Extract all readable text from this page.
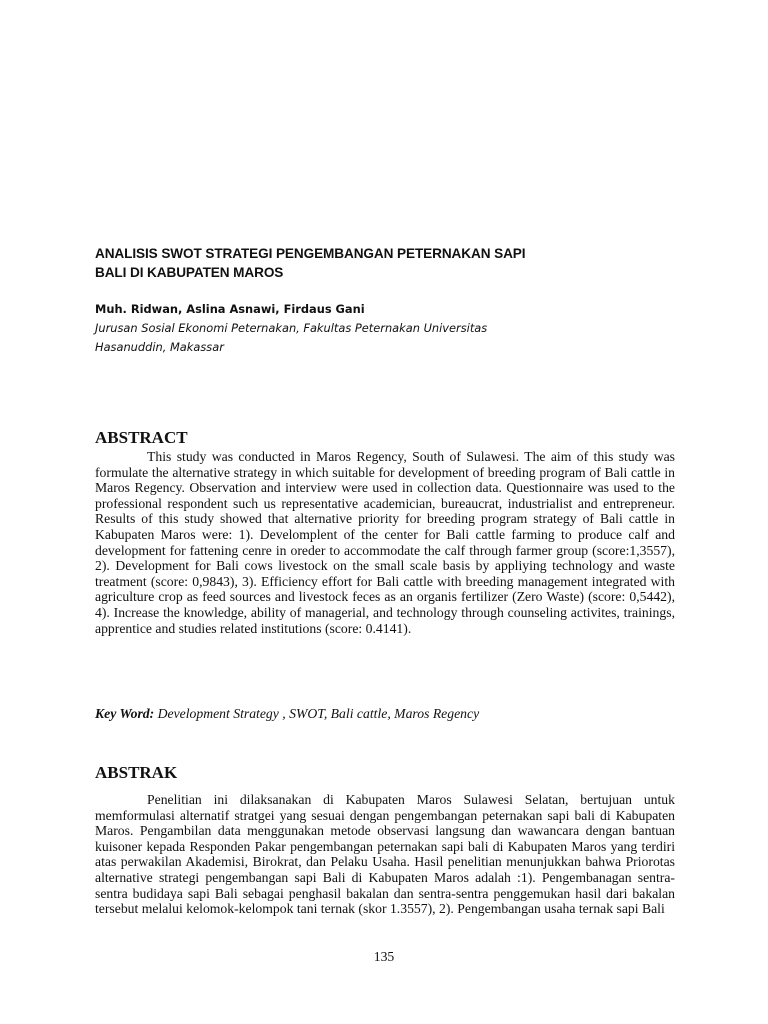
ANALISIS SWOT STRATEGI PENGEMBANGAN PETERNAKAN SAPI
BALI DI KABUPATEN MAROS
Muh. Ridwan, Aslina Asnawi, Firdaus Gani
Jurusan Sosial Ekonomi Peternakan, Fakultas Peternakan Universitas
Hasanuddin, Makassar
ABSTRACT

This study was conducted in Maros Regency, South of Sulawesi. The aim of this study was formulate the alternative strategy in which suitable for development of breeding program of Bali cattle in Maros Regency. Observation and interview were used in collection data. Questionnaire was used to the professional respondent such us representative academician, bureaucrat, industrialist and entrepreneur. Results of this study showed that alternative priority for breeding program strategy of Bali cattle in Kabupaten Maros were: 1). Develomplent of the center for Bali cattle farming to produce calf and development for fattening cenre in oreder to accommodate the calf through farmer group (score:1,3557), 2). Development for Bali cows livestock on the small scale basis by appliying technology and waste treatment (score: 0,9843), 3). Efficiency effort for Bali cattle with breeding management integrated with agriculture crop as feed sources and livestock feces as an organis fertilizer (Zero Waste) (score: 0,5442), 4). Increase the knowledge, ability of managerial, and technology through counseling activites, trainings, apprentice and studies related institutions (score: 0.4141).

Key Word: Development Strategy , SWOT, Bali cattle, Maros Regency

ABSTRAK

Penelitian ini dilaksanakan di Kabupaten Maros Sulawesi Selatan, bertujuan untuk memformulasi alternatif stratgei yang sesuai dengan pengembangan peternakan sapi bali di Kabupaten Maros. Pengambilan data menggunakan metode observasi langsung dan wawancara dengan bantuan kuisoner kepada Responden Pakar pengembangan peternakan sapi bali di Kabupaten Maros yang terdiri atas perwakilan Akademisi, Birokrat, dan Pelaku Usaha. Hasil penelitian menunjukkan bahwa Priorotas alternative strategi pengembangan sapi Bali di Kabupaten Maros adalah :1). Pengembanagan sentra-sentra budidaya sapi Bali sebagai penghasil bakalan dan sentra-sentra penggemukan hasil dari bakalan tersebut melalui kelomok-kelompok tani ternak (skor 1.3557), 2). Pengembangan usaha ternak sapi Bali

135
